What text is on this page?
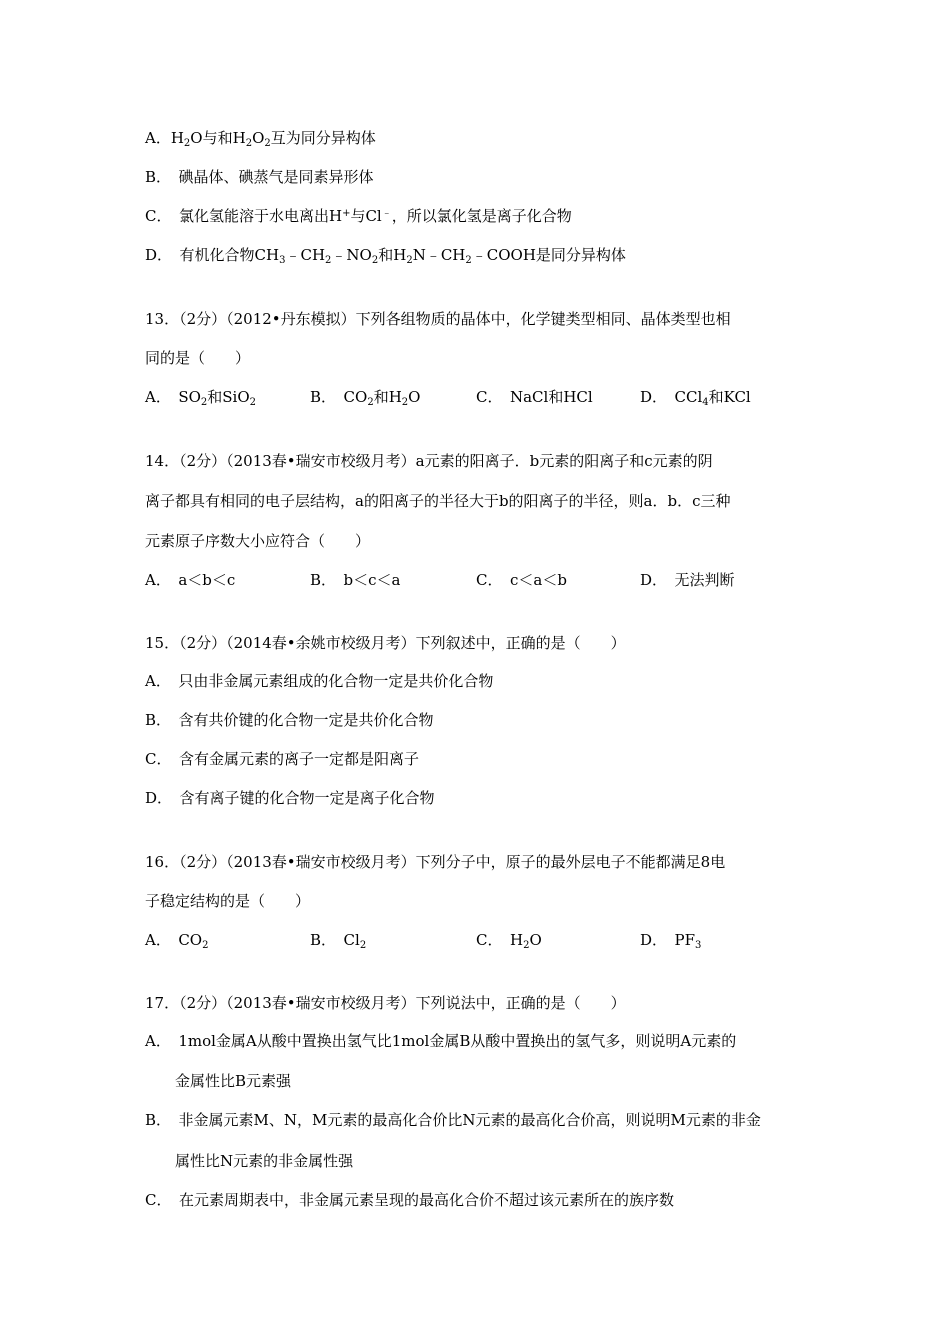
A．$H_2O$与和$H_2O_2$互为同分异构体
B．　碘晶体、碘蒸气是同素异形体
C．　氯化氢能溶于水电离出H+与Cl﹣，所以氯化氢是离子化合物
D．　有机化合物$CH_3﹣CH_2﹣NO_2$和$H_2N﹣CH_2﹣COOH$是同分异构体
13．（2分）（2012•丹东模拟）下列各组物质的晶体中，化学键类型相同、晶体类型也相
同的是（　　）
A．　$SO_2$和SiO$_2$	B．　$CO_2$和$H_2O$	C．　NaCl和HCl	D．　CCl$_4$和KCl
14．（2分）（2013春•瑞安市校级月考）a元素的阳离子．b元素的阳离子和c元素的阴
离子都具有相同的电子层结构，a的阳离子的半径大于b的阳离子的半径，则a．b．c三种
元素原子序数大小应符合（　　）
A．　a＜b＜c	B．　b＜c＜a	C．　c＜a＜b	D．　无法判断
15．（2分）（2014春•余姚市校级月考）下列叙述中，正确的是（　　）
A．　只由非金属元素组成的化合物一定是共价化合物
B．　含有共价键的化合物一定是共价化合物
C．　含有金属元素的离子一定都是阳离子
D．　含有离子键的化合物一定是离子化合物
16．（2分）（2013春•瑞安市校级月考）下列分子中，原子的最外层电子不能都满足8电
子稳定结构的是（　　）
A．　$CO_2$	B．　$Cl_2$	C．　$H_2O$	D．　$PF_3$
17．（2分）（2013春•瑞安市校级月考）下列说法中，正确的是（　　）
A．　1mol金属A从酸中置换出氢气比1mol金属B从酸中置换出的氢气多，则说明A元素的
金属性比B元素强
B．　非金属元素M、N，M元素的最高化合价比N元素的最高化合价高，则说明M元素的非金
属性比N元素的非金属性强
C．　在元素周期表中，非金属元素呈现的最高化合价不超过该元素所在的族序数
